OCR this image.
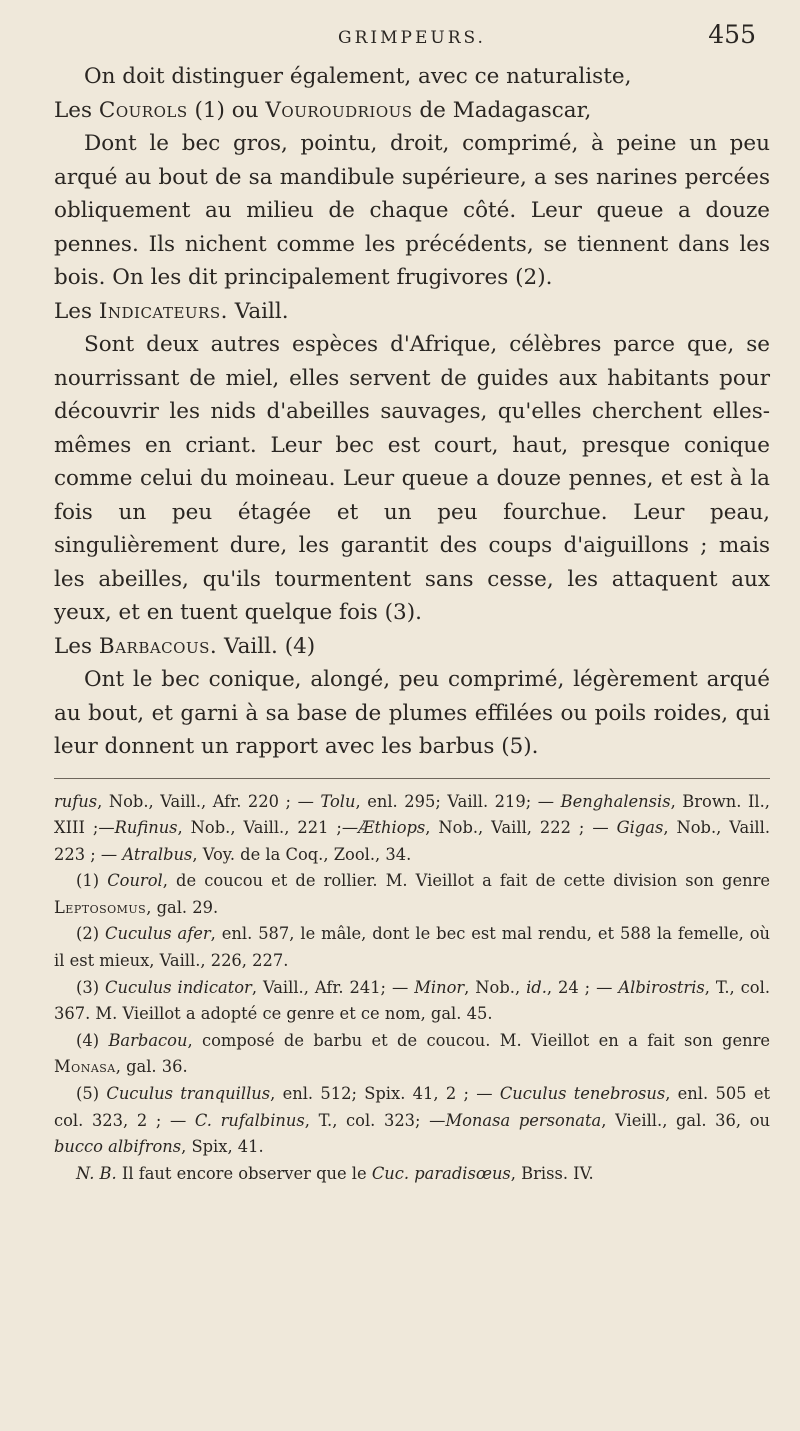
GRIMPEURS.	455

On doit distinguer également, avec ce naturaliste,

Les Courols (1) ou Vouroudrious de Madagascar,

Dont le bec gros, pointu, droit, comprimé, à peine un peu arqué au bout de sa mandibule supérieure, a ses narines percées obliquement au milieu de chaque côté. Leur queue a douze pennes. Ils nichent comme les précédents, se tiennent dans les bois. On les dit principalement frugivores (2).

Les Indicateurs. Vaill.

Sont deux autres espèces d'Afrique, célèbres parce que, se nourrissant de miel, elles servent de guides aux habitants pour découvrir les nids d'abeilles sauvages, qu'elles cherchent elles-mêmes en criant. Leur bec est court, haut, presque conique comme celui du moineau. Leur queue a douze pennes, et est à la fois un peu étagée et un peu fourchue. Leur peau, singulièrement dure, les garantit des coups d'aiguillons ; mais les abeilles, qu'ils tourmentent sans cesse, les attaquent aux yeux, et en tuent quelque fois (3).

Les Barbacous. Vaill. (4)

Ont le bec conique, alongé, peu comprimé, légèrement arqué au bout, et garni à sa base de plumes effilées ou poils roides, qui leur donnent un rapport avec les barbus (5).

rufus, Nob., Vaill., Afr. 220 ; — Tolu, enl. 295; Vaill. 219; — Benghalensis, Brown. Il., XIII ;—Rufinus, Nob., Vaill., 221 ;—Æthiops, Nob., Vaill, 222 ; — Gigas, Nob., Vaill. 223 ; — Atralbus, Voy. de la Coq., Zool., 34.

(1) Courol, de coucou et de rollier. M. Vieillot a fait de cette division son genre Leptosomus, gal. 29.

(2) Cuculus afer, enl. 587, le mâle, dont le bec est mal rendu, et 588 la femelle, où il est mieux, Vaill., 226, 227.

(3) Cuculus indicator, Vaill., Afr. 241; — Minor, Nob., id., 24 ; — Albirostris, T., col. 367. M. Vieillot a adopté ce genre et ce nom, gal. 45.

(4) Barbacou, composé de barbu et de coucou. M. Vieillot en a fait son genre Monasa, gal. 36.

(5) Cuculus tranquillus, enl. 512; Spix. 41, 2 ; — Cuculus tenebrosus, enl. 505 et col. 323, 2 ; — C. rufalbinus, T., col. 323; —Monasa personata, Vieill., gal. 36, ou bucco albifrons, Spix, 41.

N. B. Il faut encore observer que le Cuc. paradisœus, Briss. IV.
